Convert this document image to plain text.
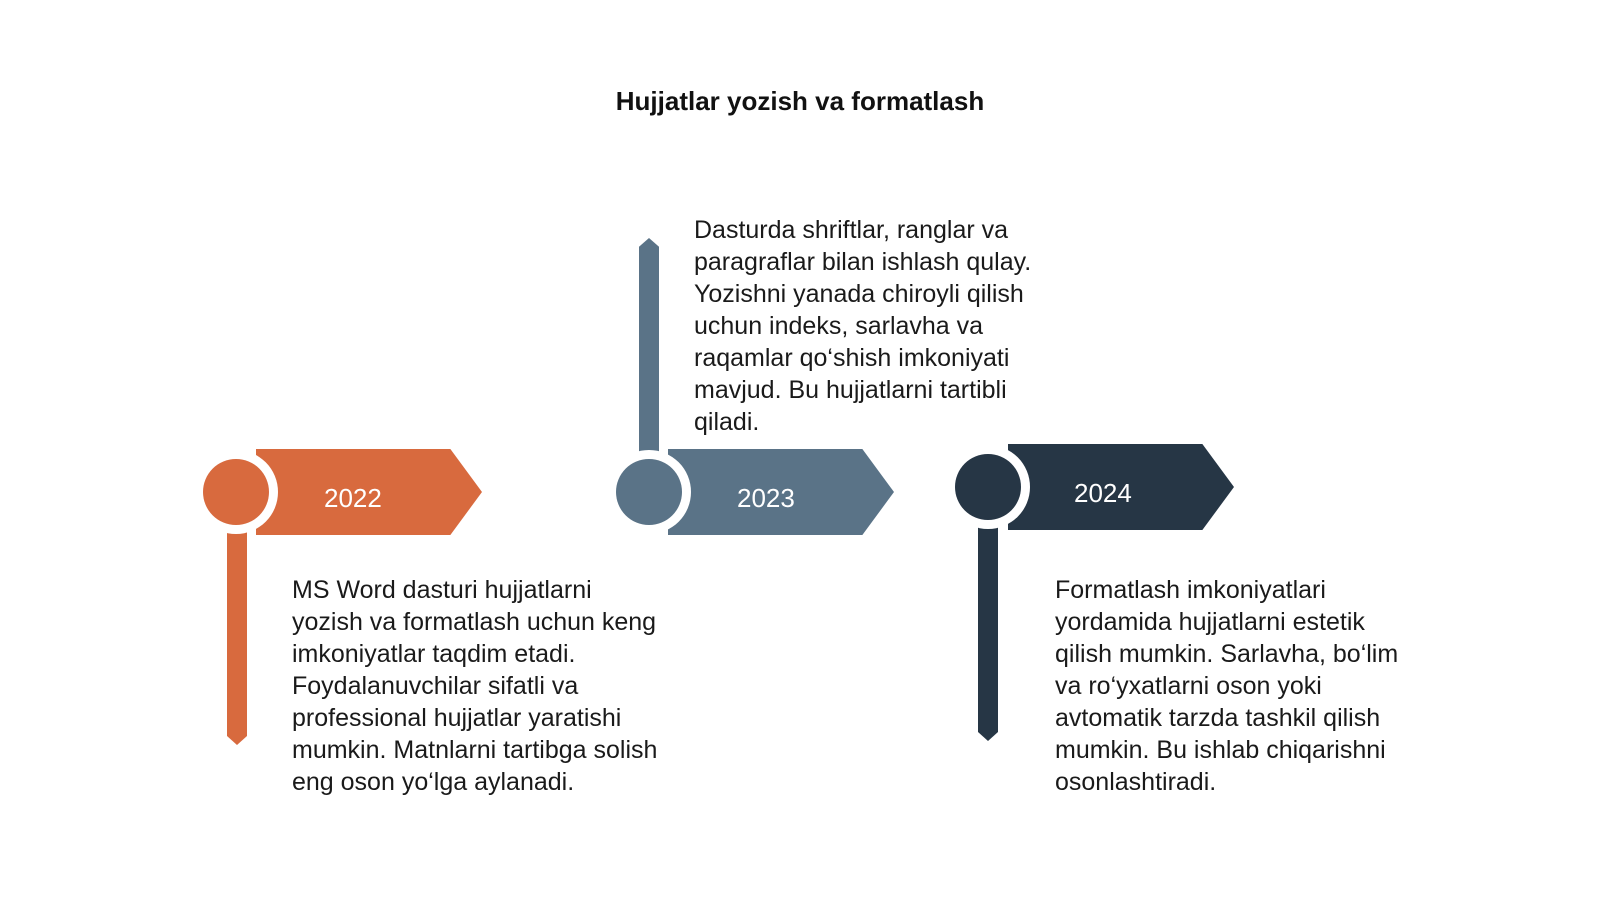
Hujjatlar yozish va formatlash
2022

MS Word dasturi hujjatlarni yozish va formatlash uchun keng imkoniyatlar taqdim etadi. Foydalanuvchilar sifatli va professional hujjatlar yaratishi mumkin. Matnlarni tartibga solish eng oson yo‘lga aylanadi.

2023

Dasturda shriftlar, ranglar va paragraflar bilan ishlash qulay. Yozishni yanada chiroyli qilish uchun indeks, sarlavha va raqamlar qo‘shish imkoniyati mavjud. Bu hujjatlarni tartibli qiladi.

2024

Formatlash imkoniyatlari yordamida hujjatlarni estetik qilish mumkin. Sarlavha, bo‘lim va ro‘yxatlarni oson yoki avtomatik tarzda tashkil qilish mumkin. Bu ishlab chiqarishni osonlashtiradi.
